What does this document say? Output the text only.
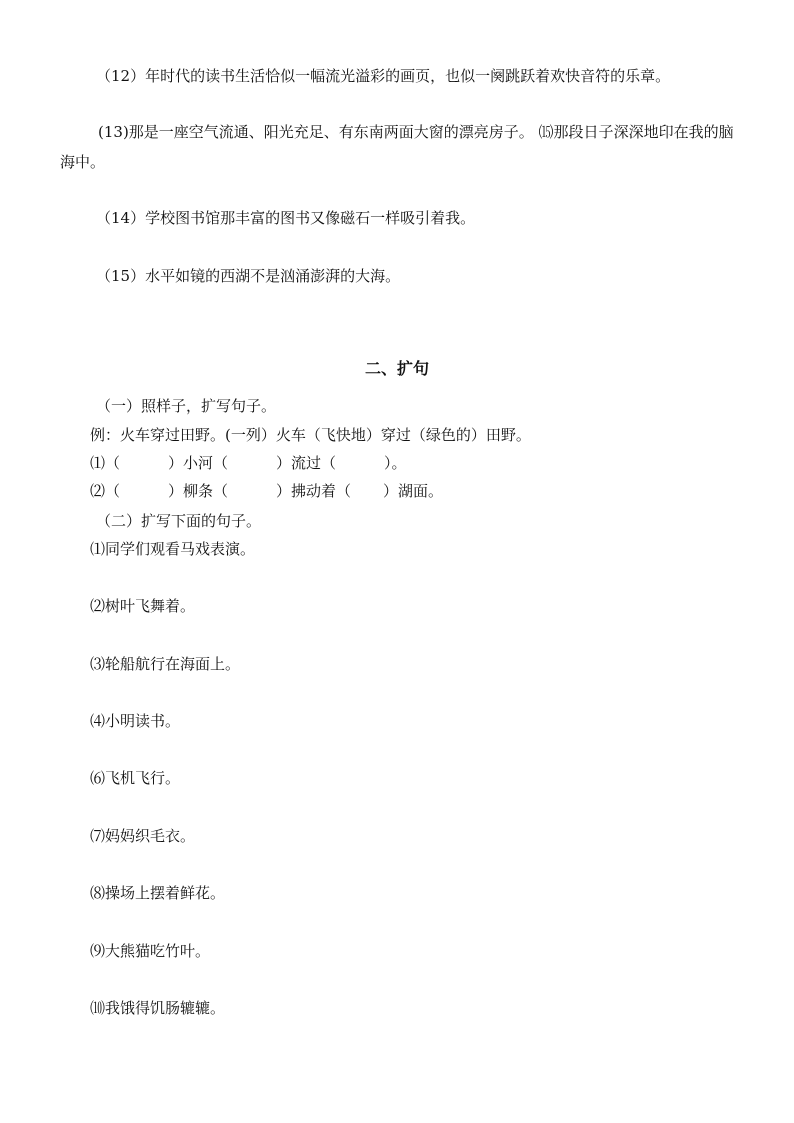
（12）年时代的读书生活恰似一幅流光溢彩的画页，也似一阕跳跃着欢快音符的乐章。
(13)那是一座空气流通、阳光充足、有东南两面大窗的漂亮房子。 ⒂那段日子深深地印在我的脑海中。
（14）学校图书馆那丰富的图书又像磁石一样吸引着我。
（15）水平如镜的西湖不是汹涌澎湃的大海。
二、扩句
（一）照样子，扩写句子。
例：火车穿过田野。(一列）火车（飞快地）穿过（绿色的）田野。
⑴（	）小河（	）流过（	）。
⑵（	）柳条（	）拂动着（ ）湖面。
（二）扩写下面的句子。
⑴同学们观看马戏表演。
⑵树叶飞舞着。
⑶轮船航行在海面上。
⑷小明读书。
⑹飞机飞行。
⑺妈妈织毛衣。
⑻操场上摆着鲜花。
⑼大熊猫吃竹叶。
⑽我饿得饥肠辘辘。
